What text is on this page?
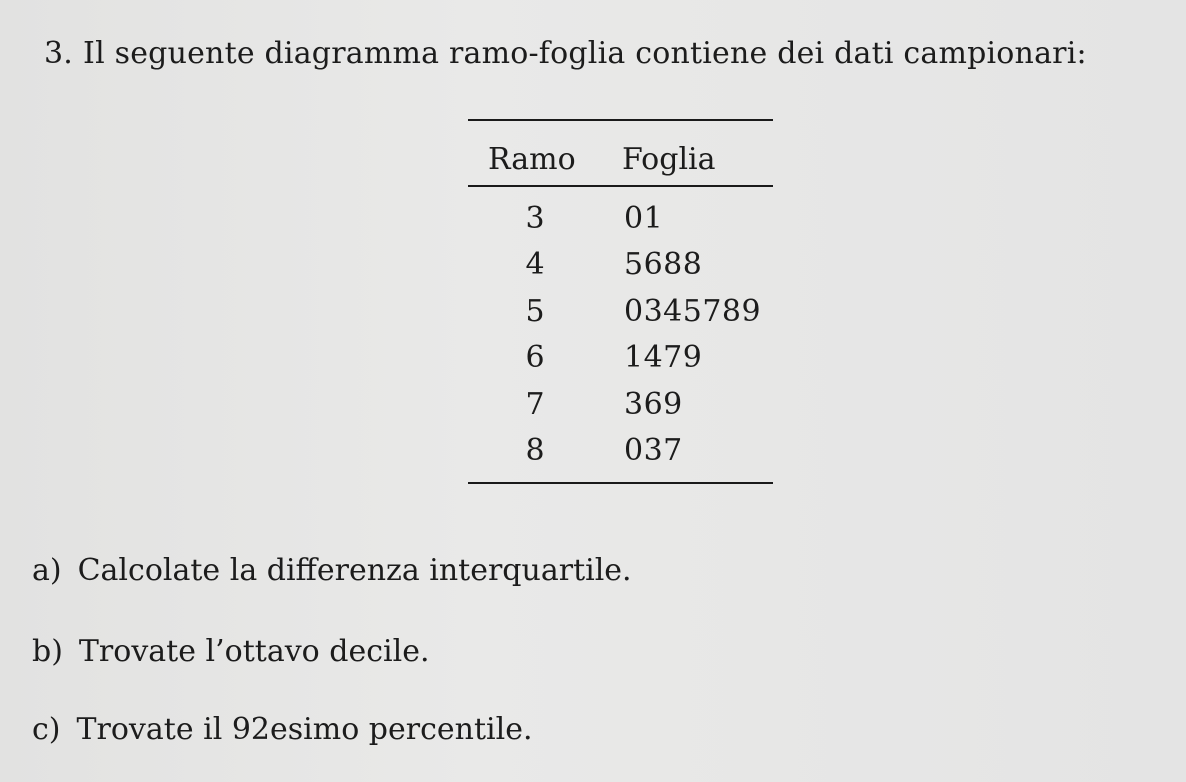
3. Il seguente diagramma ramo-foglia contiene dei dati campionari:
Ramo	Foglia
3	01
4	5688
5	0345789
6	1479
7	369
8	037
a) Calcolate la differenza interquartile.
b) Trovate l’ottavo decile.
c) Trovate il 92esimo percentile.
